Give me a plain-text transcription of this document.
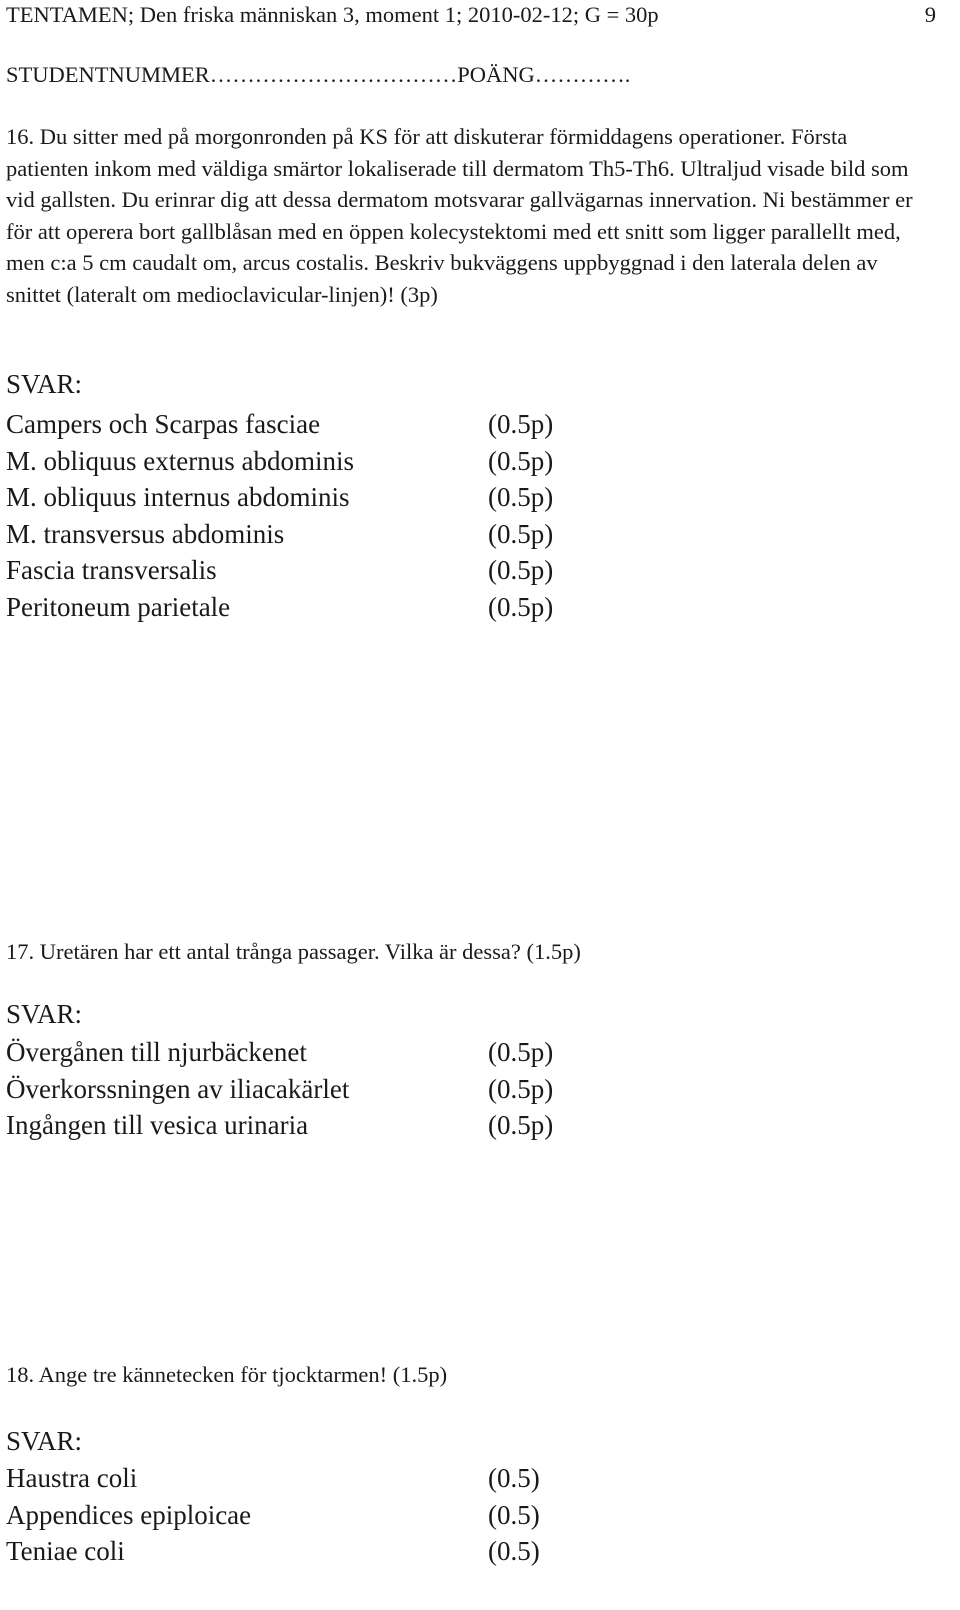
TENTAMEN; Den friska människan 3, moment 1; 2010-02-12; G = 30p	9

STUDENTNUMMER……………………………POÄNG………….

16. Du sitter med på morgonronden på KS för att diskuterar förmiddagens operationer. Första patienten inkom med väldiga smärtor lokaliserade till dermatom Th5-Th6. Ultraljud visade bild som vid gallsten. Du erinrar dig att dessa dermatom motsvarar gallvägarnas innervation. Ni bestämmer er för att operera bort gallblåsan med en öppen kolecystektomi med ett snitt som ligger parallellt med, men c:a 5 cm caudalt om, arcus costalis. Beskriv bukväggens uppbyggnad i den laterala delen av snittet (lateralt om medioclavicular-linjen)! (3p)

SVAR:

Campers och Scarpas fasciae	(0.5p)
M. obliquus externus abdominis	(0.5p)
M. obliquus internus abdominis	(0.5p)
M. transversus abdominis	(0.5p)
Fascia transversalis	(0.5p)
Peritoneum parietale	(0.5p)

17. Uretären har ett antal trånga passager. Vilka är dessa? (1.5p)

SVAR:

Övergånen till njurbäckenet	(0.5p)
Överkorssningen av iliacakärlet	(0.5p)
Ingången till vesica urinaria	(0.5p)

18. Ange tre kännetecken för tjocktarmen! (1.5p)

SVAR:

Haustra coli	(0.5)
Appendices epiploicae	(0.5)
Teniae coli	(0.5)
